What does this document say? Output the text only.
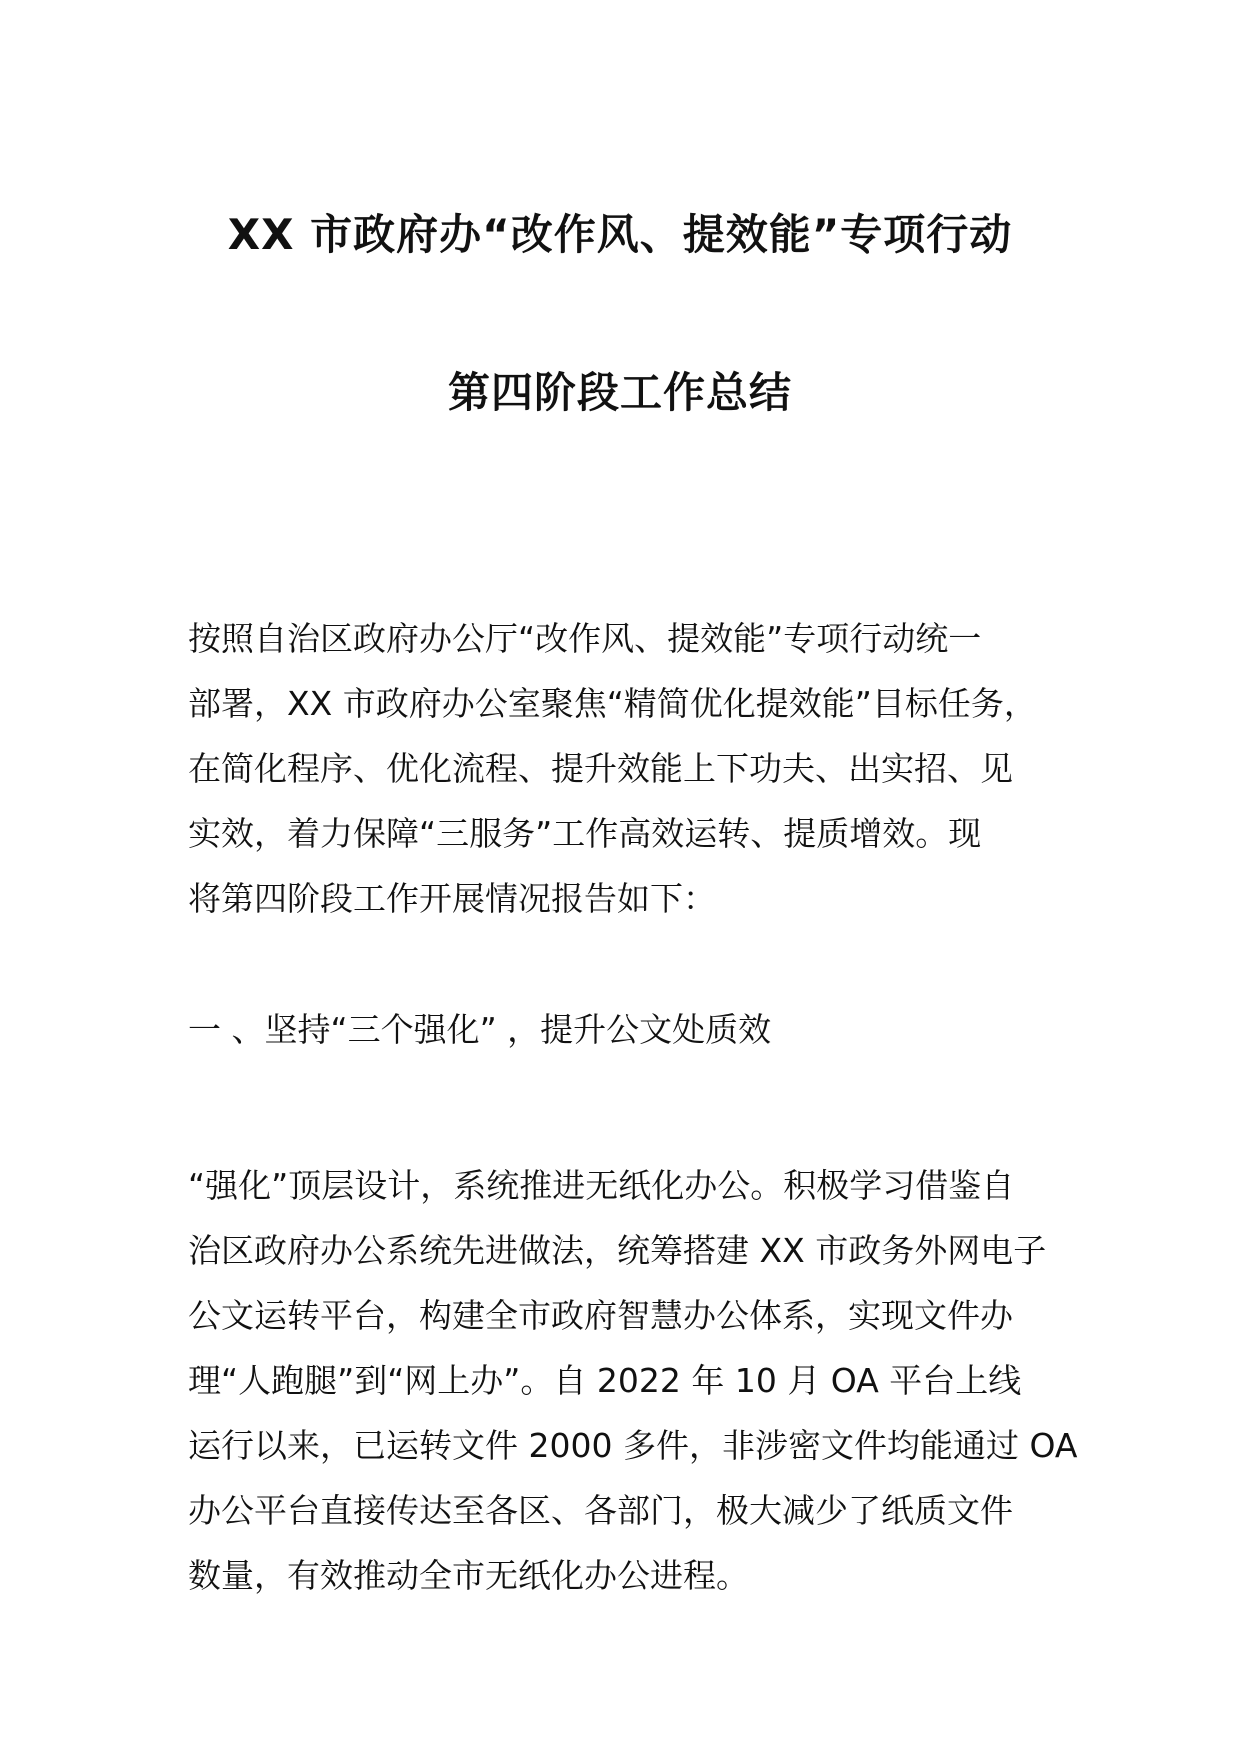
XX 市政府办“改作风、提效能”专项行动
第四阶段工作总结
按照自治区政府办公厅“改作风、提效能”专项行动统一
部署，XX 市政府办公室聚焦“精简优化提效能”目标任务，
在简化程序、优化流程、提升效能上下功夫、出实招、见
实效，着力保障“三服务”工作高效运转、提质增效。现
将第四阶段工作开展情况报告如下：
一 、坚持“三个强化” ，提升公文处质效
“强化”顶层设计，系统推进无纸化办公。积极学习借鉴自
治区政府办公系统先进做法，统筹搭建 XX 市政务外网电子
公文运转平台，构建全市政府智慧办公体系，实现文件办
理“人跑腿”到“网上办”。自 2022 年 10 月 OA 平台上线
运行以来，已运转文件 2000 多件，非涉密文件均能通过 OA
办公平台直接传达至各区、各部门，极大减少了纸质文件
数量，有效推动全市无纸化办公进程。
